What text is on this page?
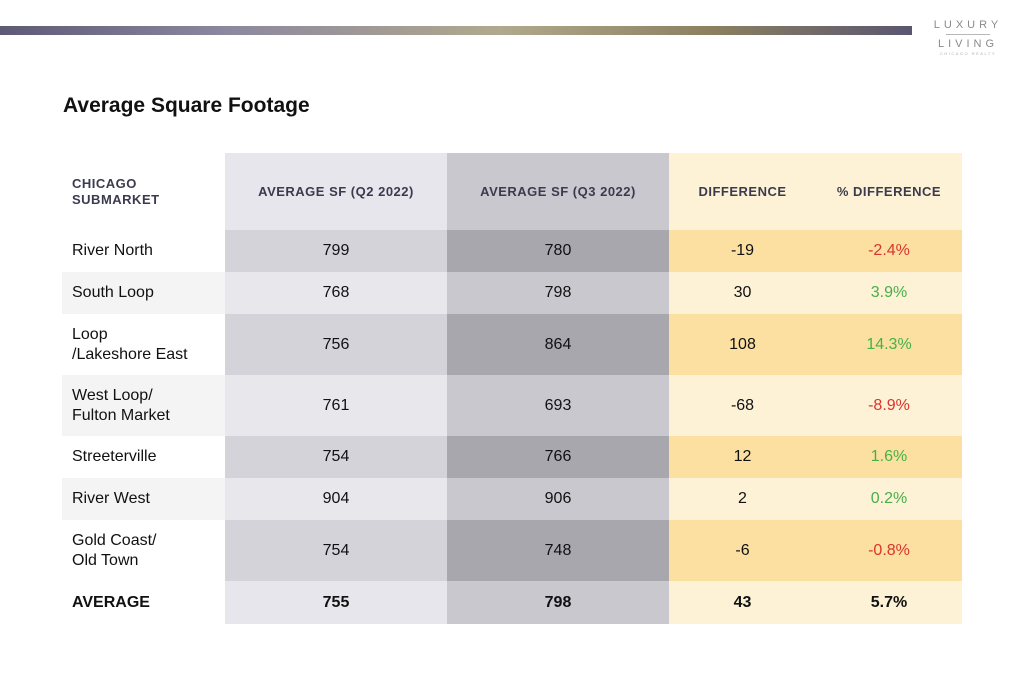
LUXURY
LIVING
CHICAGO REALTY
Average Square Footage
CHICAGO SUBMARKET	AVERAGE SF (Q2 2022)	AVERAGE SF (Q3 2022)	DIFFERENCE	% DIFFERENCE
River North	799	780	-19	-2.4%
South Loop	768	798	30	3.9%
Loop
/Lakeshore East	756	864	108	14.3%
West Loop/
Fulton Market	761	693	-68	-8.9%
Streeterville	754	766	12	1.6%
River West	904	906	2	0.2%
Gold Coast/
Old Town	754	748	-6	-0.8%
AVERAGE	755	798	43	5.7%
